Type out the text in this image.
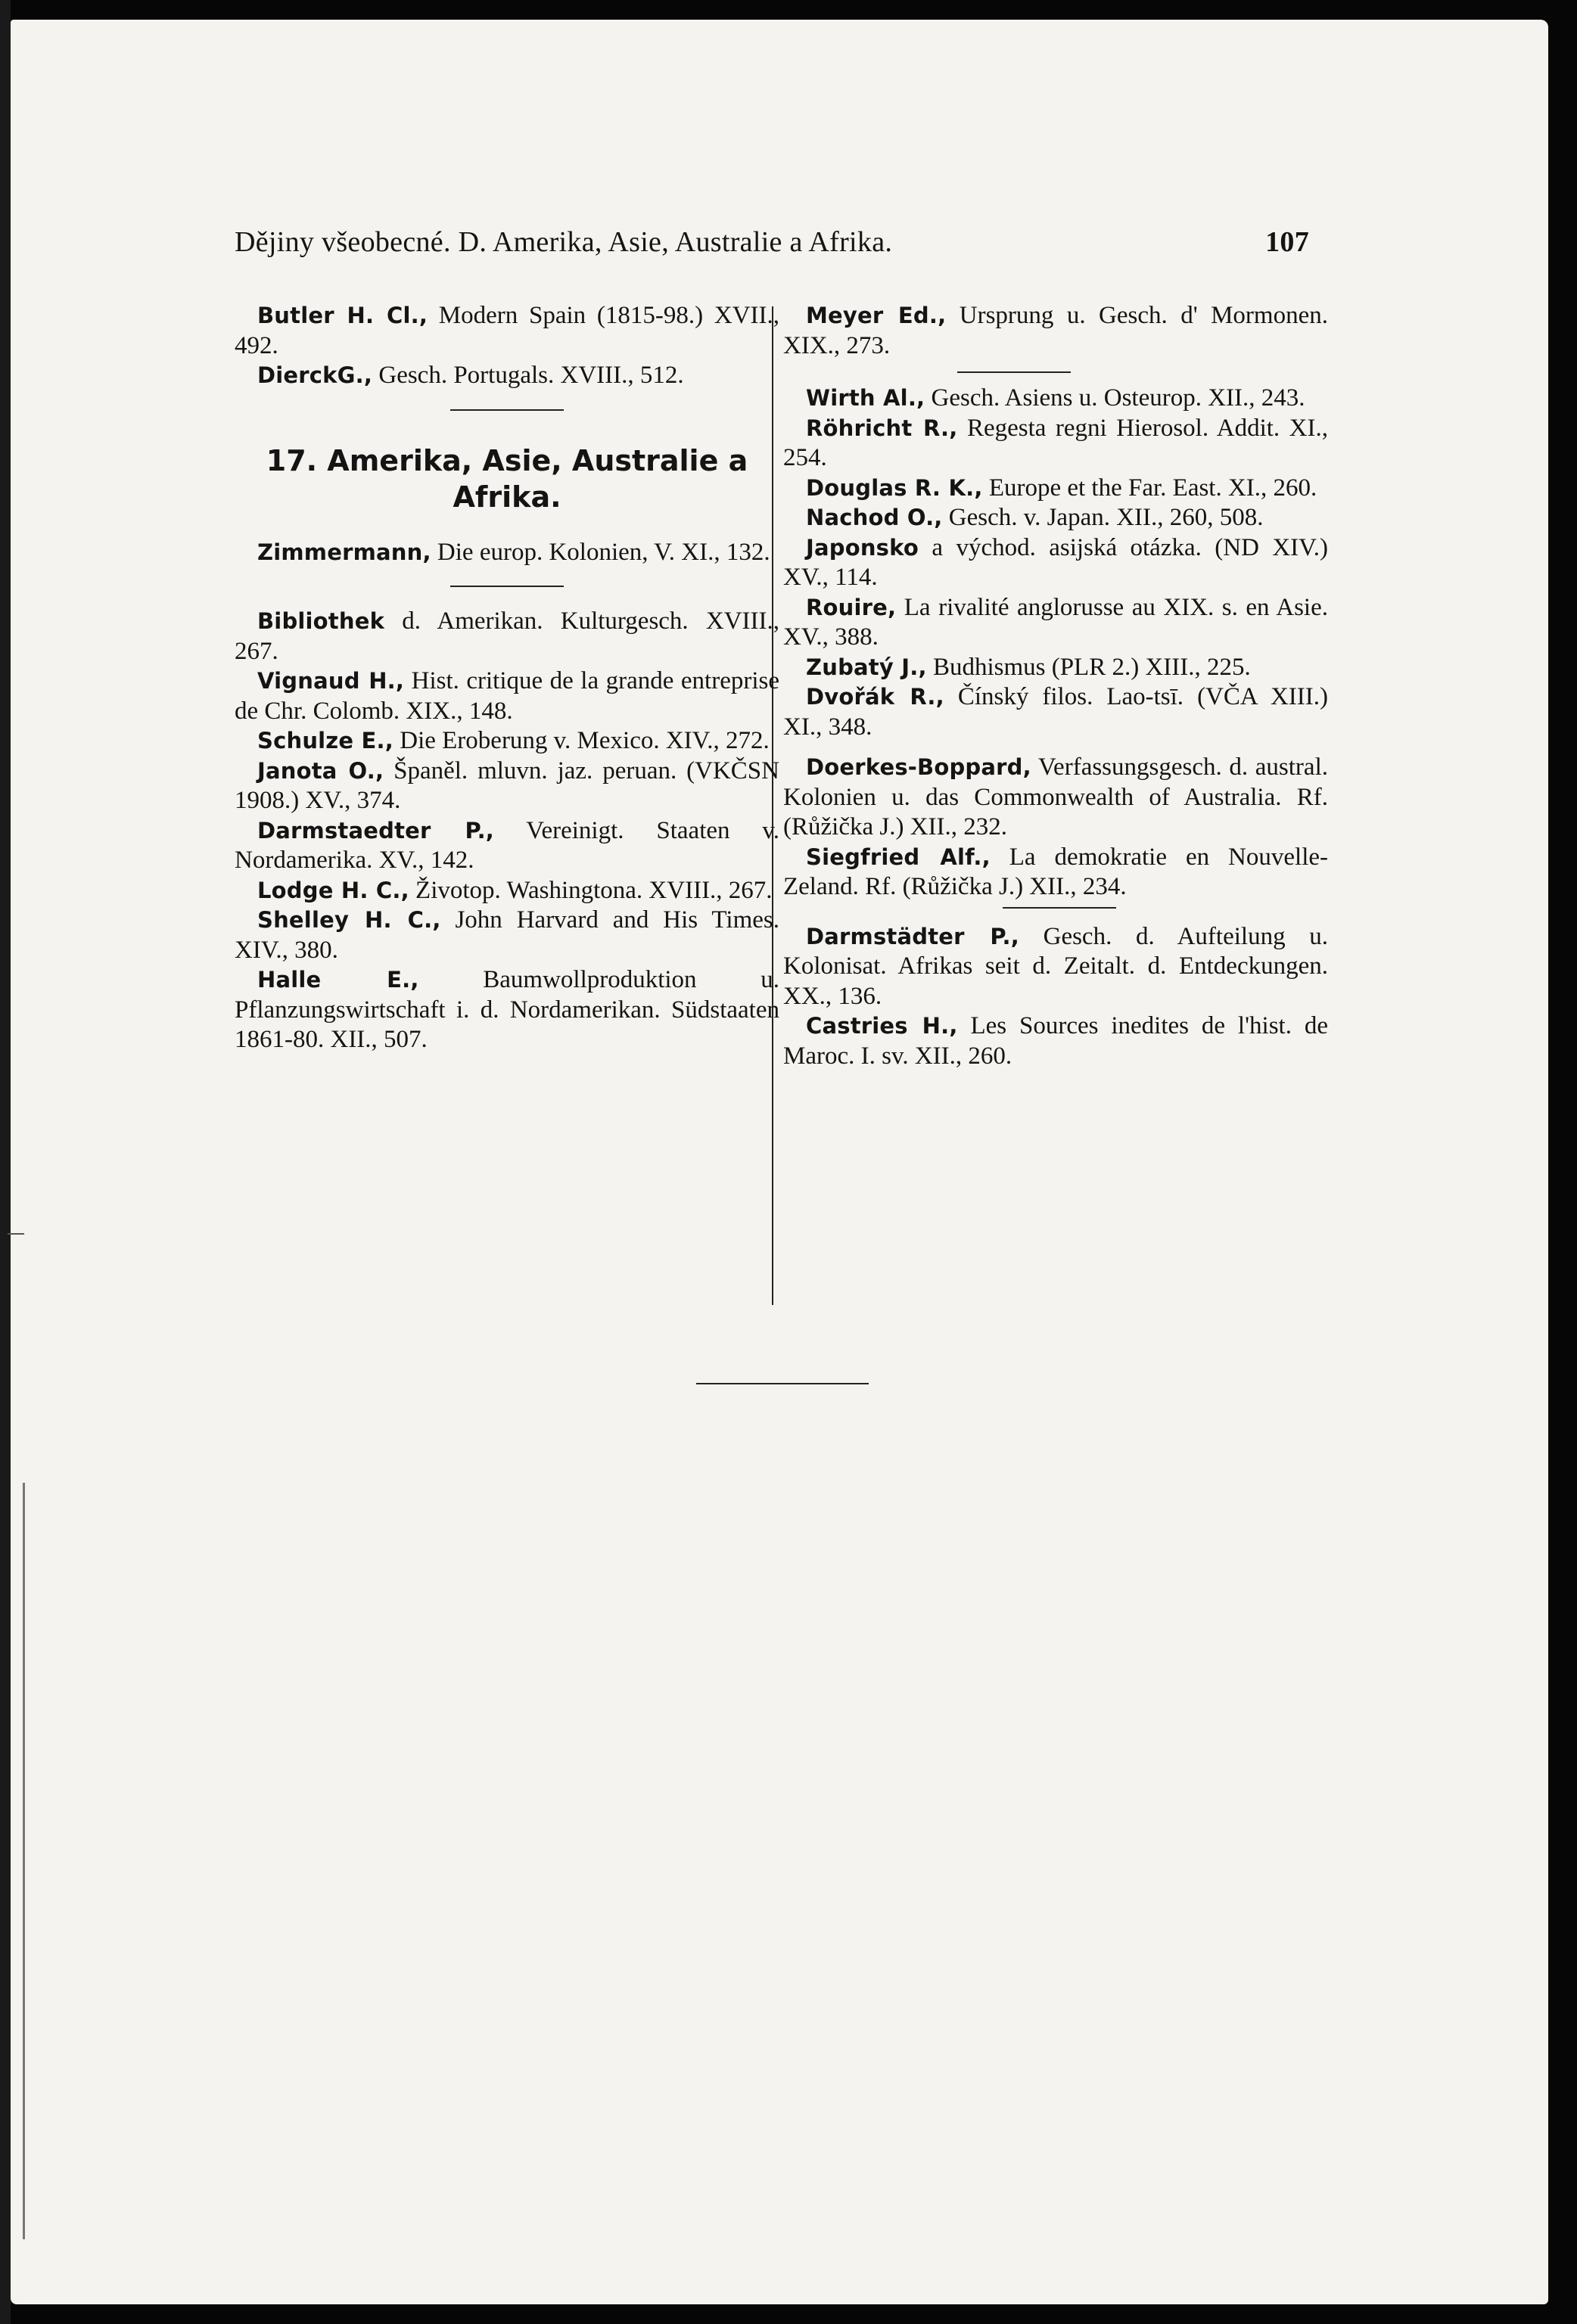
Dějiny všeobecné. D. Amerika, Asie, Australie a Afrika.	107

Butler H. Cl., Modern Spain (1815-98.) XVII., 492.

DierckG., Gesch. Portugals. XVIII., 512.

17. Amerika, Asie, Australie a Afrika.

Zimmermann, Die europ. Kolonien, V. XI., 132.

Bibliothek d. Amerikan. Kulturgesch. XVIII., 267.

Vignaud H., Hist. critique de la grande entreprise de Chr. Colomb. XIX., 148.

Schulze E., Die Eroberung v. Mexico. XIV., 272.

Janota O., Španěl. mluvn. jaz. peruan. (VKČSN 1908.) XV., 374.

Darmstaedter P., Vereinigt. Staaten v. Nordamerika. XV., 142.

Lodge H. C., Životop. Washingtona. XVIII., 267.

Shelley H. C., John Harvard and His Times. XIV., 380.

Halle E., Baumwollproduktion u. Pflanzungswirtschaft i. d. Nordamerikan. Südstaaten 1861-80. XII., 507.

Meyer Ed., Ursprung u. Gesch. d' Mormonen. XIX., 273.

Wirth Al., Gesch. Asiens u. Osteurop. XII., 243.

Röhricht R., Regesta regni Hierosol. Addit. XI., 254.

Douglas R. K., Europe et the Far. East. XI., 260.

Nachod O., Gesch. v. Japan. XII., 260, 508.

Japonsko a východ. asijská otázka. (ND XIV.) XV., 114.

Rouire, La rivalité anglorusse au XIX. s. en Asie. XV., 388.

Zubatý J., Budhismus (PLR 2.) XIII., 225.

Dvořák R., Čínský filos. Lao-tsī. (VČA XIII.) XI., 348.

Doerkes-Boppard, Verfassungsgesch. d. austral. Kolonien u. das Commonwealth of Australia. Rf. (Růžička J.) XII., 232.

Siegfried Alf., La demokratie en Nouvelle-Zeland. Rf. (Růžička J.) XII., 234.

Darmstädter P., Gesch. d. Aufteilung u. Kolonisat. Afrikas seit d. Zeitalt. d. Entdeckungen. XX., 136.

Castries H., Les Sources inedites de l'hist. de Maroc. I. sv. XII., 260.
